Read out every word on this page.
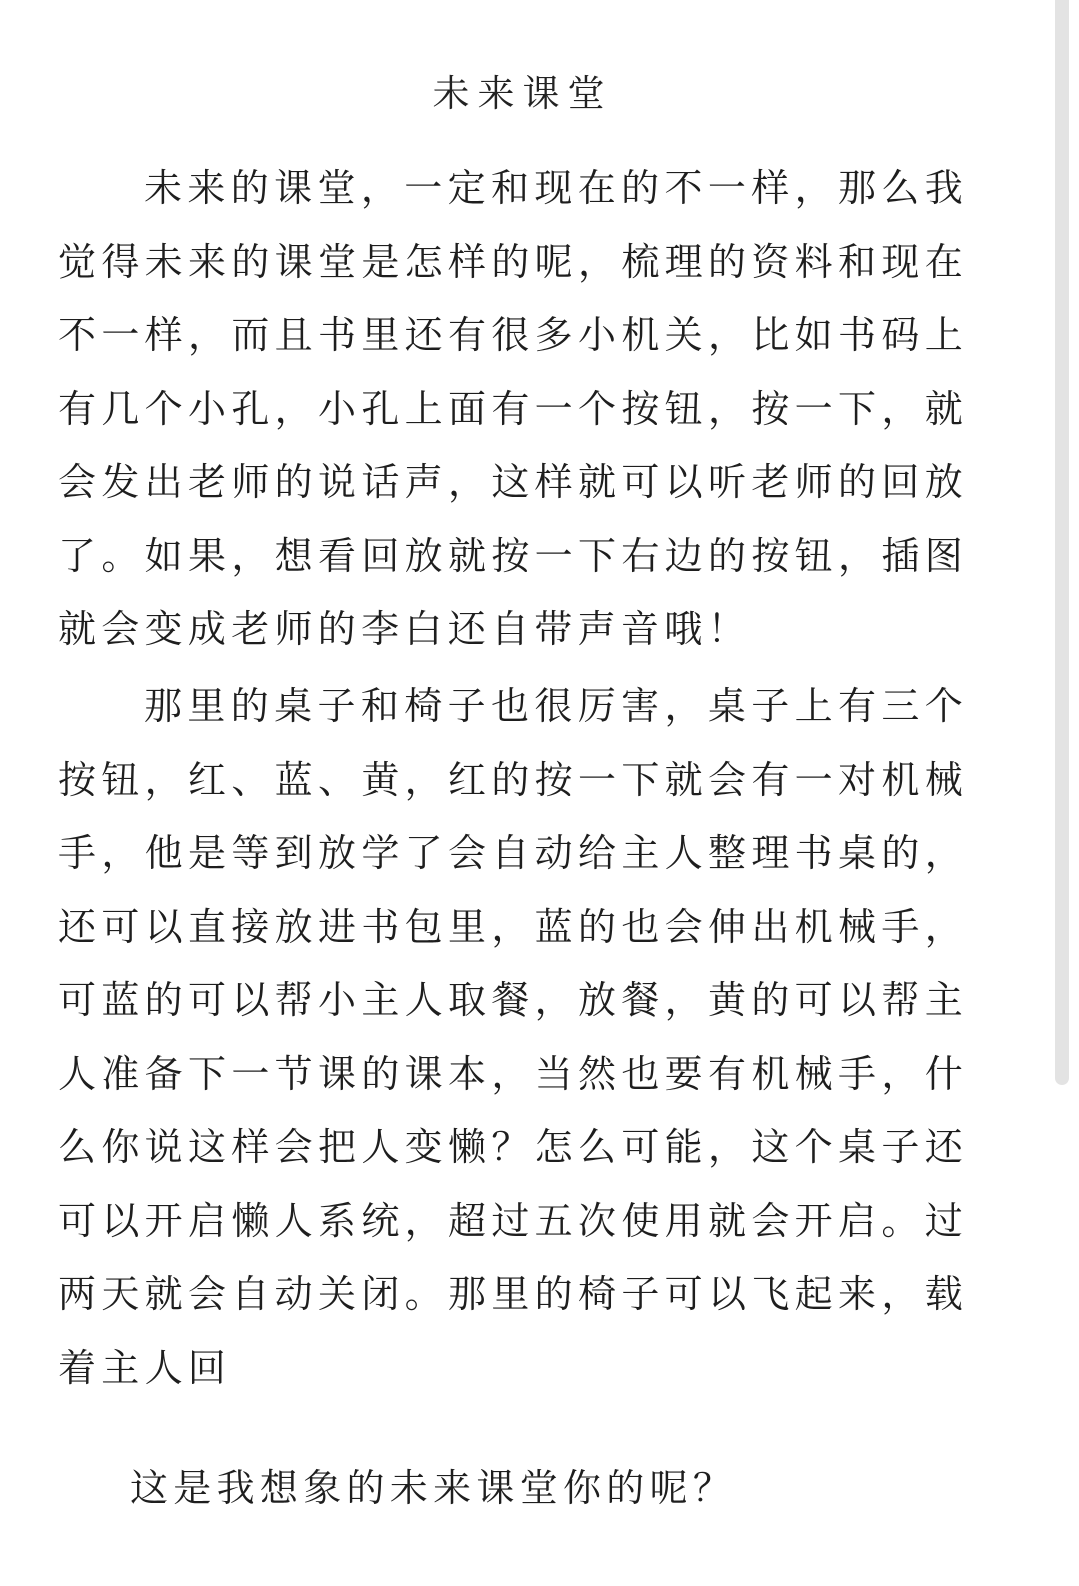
未来课堂

未来的课堂，一定和现在的不一样，那么我觉得未来的课堂是怎样的呢，梳理的资料和现在不一样，而且书里还有很多小机关，比如书码上有几个小孔，小孔上面有一个按钮，按一下，就会发出老师的说话声，这样就可以听老师的回放了。如果，想看回放就按一下右边的按钮，插图就会变成老师的李白还自带声音哦！

那里的桌子和椅子也很厉害，桌子上有三个按钮，红、蓝、黄，红的按一下就会有一对机械手，他是等到放学了会自动给主人整理书桌的，还可以直接放进书包里，蓝的也会伸出机械手，可蓝的可以帮小主人取餐，放餐，黄的可以帮主人准备下一节课的课本，当然也要有机械手，什么你说这样会把人变懒？怎么可能，这个桌子还可以开启懒人系统，超过五次使用就会开启。过两天就会自动关闭。那里的椅子可以飞起来，载着主人回

这是我想象的未来课堂你的呢？
